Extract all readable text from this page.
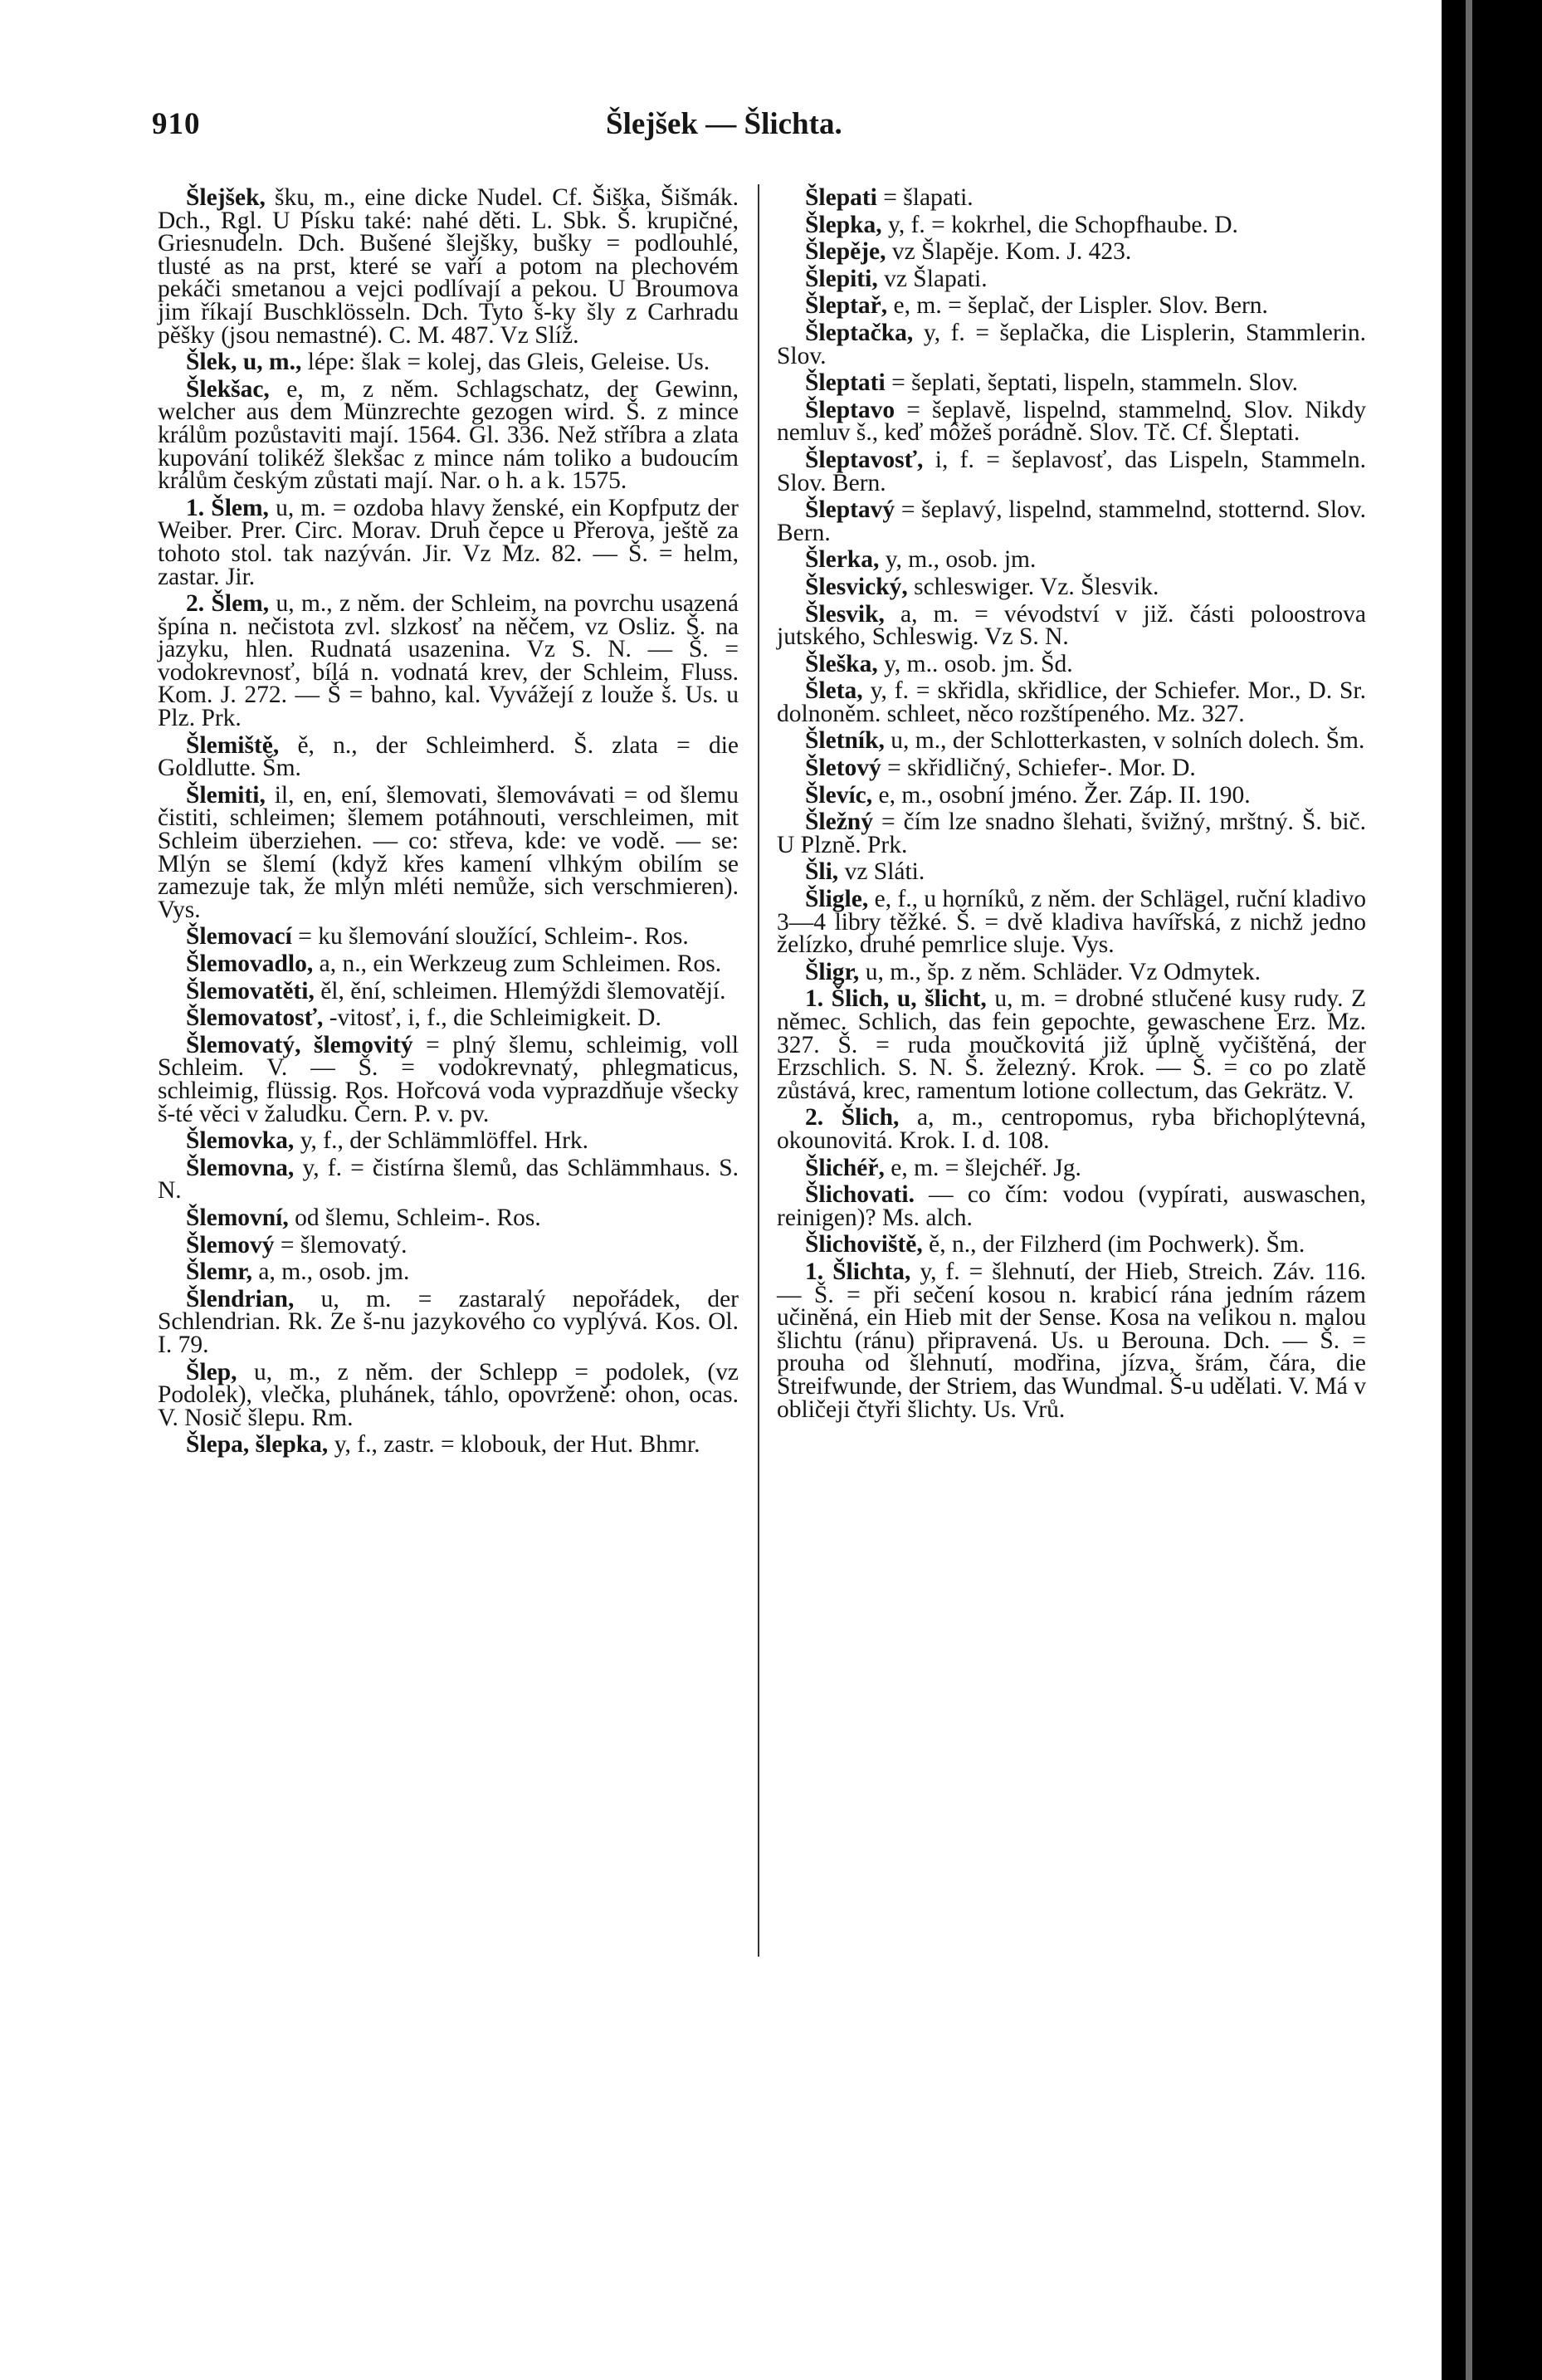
910	Šlejšek — Šlichta.

Šlejšek, šku, m., eine dicke Nudel. Cf. Šiška, Šišmák. Dch., Rgl. U Písku také: nahé děti. L. Sbk. Š. krupičné, Griesnudeln. Dch. Bušené šlejšky, bušky = podlouhlé, tlusté as na prst, které se vaří a potom na plechovém pekáči smetanou a vejci podlívají a pekou. U Broumova jim říkají Buschklösseln. Dch. Tyto š-ky šly z Carhradu pěšky (jsou nemastné). C. M. 487. Vz Slíž.

Šlek, u, m., lépe: šlak = kolej, das Gleis, Geleise. Us.

Šlekšac, e, m, z něm. Schlagschatz, der Gewinn, welcher aus dem Münzrechte gezogen wird. Š. z mince králům pozůstaviti mají. 1564. Gl. 336. Než stříbra a zlata kupování tolikéž šlekšac z mince nám toliko a budoucím králům českým zůstati mají. Nar. o h. a k. 1575.

1. Šlem, u, m. = ozdoba hlavy ženské, ein Kopfputz der Weiber. Prer. Circ. Morav. Druh čepce u Přerova, ještě za tohoto stol. tak nazýván. Jir. Vz Mz. 82. — Š. = helm, zastar. Jir.

2. Šlem, u, m., z něm. der Schleim, na povrchu usazená špína n. nečistota zvl. slzkosť na něčem, vz Osliz. Š. na jazyku, hlen. Rudnatá usazenina. Vz S. N. — Š. = vodokrevnosť, bílá n. vodnatá krev, der Schleim, Fluss. Kom. J. 272. — Š = bahno, kal. Vyvážejí z louže š. Us. u Plz. Prk.

Šlemiště, ě, n., der Schleimherd. Š. zlata = die Goldlutte. Šm.

Šlemiti, il, en, ení, šlemovati, šlemovávati = od šlemu čistiti, schleimen; šlemem potáhnouti, verschleimen, mit Schleim überziehen. — co: střeva, kde: ve vodě. — se: Mlýn se šlemí (když křes kamení vlhkým obilím se zamezuje tak, že mlýn mléti nemůže, sich verschmieren). Vys.

Šlemovací = ku šlemování sloužící, Schleim-. Ros.

Šlemovadlo, a, n., ein Werkzeug zum Schleimen. Ros.

Šlemovatěti, ěl, ění, schleimen. Hlemýždi šlemovatějí.

Šlemovatosť, -vitosť, i, f., die Schleimigkeit. D.

Šlemovatý, šlemovitý = plný šlemu, schleimig, voll Schleim. V. — Š. = vodokrevnatý, phlegmaticus, schleimig, flüssig. Ros. Hořcová voda vyprazdňuje všecky š-té věci v žaludku. Čern. P. v. pv.

Šlemovka, y, f., der Schlämmlöffel. Hrk.

Šlemovna, y, f. = čistírna šlemů, das Schlämmhaus. S. N.

Šlemovní, od šlemu, Schleim-. Ros.

Šlemový = šlemovatý.

Šlemr, a, m., osob. jm.

Šlendrian, u, m. = zastaralý nepořádek, der Schlendrian. Rk. Ze š-nu jazykového co vyplývá. Kos. Ol. I. 79.

Šlep, u, m., z něm. der Schlepp = podolek, (vz Podolek), vlečka, pluhánek, táhlo, opovrženě: ohon, ocas. V. Nosič šlepu. Rm.

Šlepa, šlepka, y, f., zastr. = klobouk, der Hut. Bhmr.

Šlepati = šlapati.

Šlepka, y, f. = kokrhel, die Schopfhaube. D.

Šlepěje, vz Šlapěje. Kom. J. 423.

Šlepiti, vz Šlapati.

Šleptař, e, m. = šeplač, der Lispler. Slov. Bern.

Šleptačka, y, f. = šeplačka, die Lisplerin, Stammlerin. Slov.

Šleptati = šeplati, šeptati, lispeln, stammeln. Slov.

Šleptavo = šeplavě, lispelnd, stammelnd. Slov. Nikdy nemluv š., keď môžeš porádně. Slov. Tč. Cf. Šleptati.

Šleptavosť, i, f. = šeplavosť, das Lispeln, Stammeln. Slov. Bern.

Šleptavý = šeplavý, lispelnd, stammelnd, stotternd. Slov. Bern.

Šlerka, y, m., osob. jm.

Šlesvický, schleswiger. Vz. Šlesvik.

Šlesvik, a, m. = vévodství v již. části poloostrova jutského, Schleswig. Vz S. N.

Šleška, y, m.. osob. jm. Šd.

Šleta, y, f. = skřidla, skřidlice, der Schiefer. Mor., D. Sr. dolnoněm. schleet, něco rozštípeného. Mz. 327.

Šletník, u, m., der Schlotterkasten, v solních dolech. Šm.

Šletový = skřidličný, Schiefer-. Mor. D.

Šlevíc, e, m., osobní jméno. Žer. Záp. II. 190.

Šležný = čím lze snadno šlehati, švižný, mrštný. Š. bič. U Plzně. Prk.

Šli, vz Sláti.

Šligle, e, f., u horníků, z něm. der Schlägel, ruční kladivo 3—4 libry těžké. Š. = dvě kladiva havířská, z nichž jedno želízko, druhé pemrlice sluje. Vys.

Šligr, u, m., šp. z něm. Schläder. Vz Odmytek.

1. Šlich, u, šlicht, u, m. = drobné stlučené kusy rudy. Z němec. Schlich, das fein gepochte, gewaschene Erz. Mz. 327. Š. = ruda moučkovitá již úplně vyčištěná, der Erzschlich. S. N. Š. železný. Krok. — Š. = co po zlatě zůstává, krec, ramentum lotione collectum, das Gekrätz. V.

2. Šlich, a, m., centropomus, ryba břichoplýtevná, okounovitá. Krok. I. d. 108.

Šlichéř, e, m. = šlejchéř. Jg.

Šlichovati. — co čím: vodou (vypírati, auswaschen, reinigen)? Ms. alch.

Šlichoviště, ě, n., der Filzherd (im Pochwerk). Šm.

1. Šlichta, y, f. = šlehnutí, der Hieb, Streich. Záv. 116. — Š. = při sečení kosou n. krabicí rána jedním rázem učiněná, ein Hieb mit der Sense. Kosa na velikou n. malou šlichtu (ránu) připravená. Us. u Berouna. Dch. — Š. = prouha od šlehnutí, modřina, jízva, šrám, čára, die Streifwunde, der Striem, das Wundmal. Š-u udělati. V. Má v obličeji čtyři šlichty. Us. Vrů.
